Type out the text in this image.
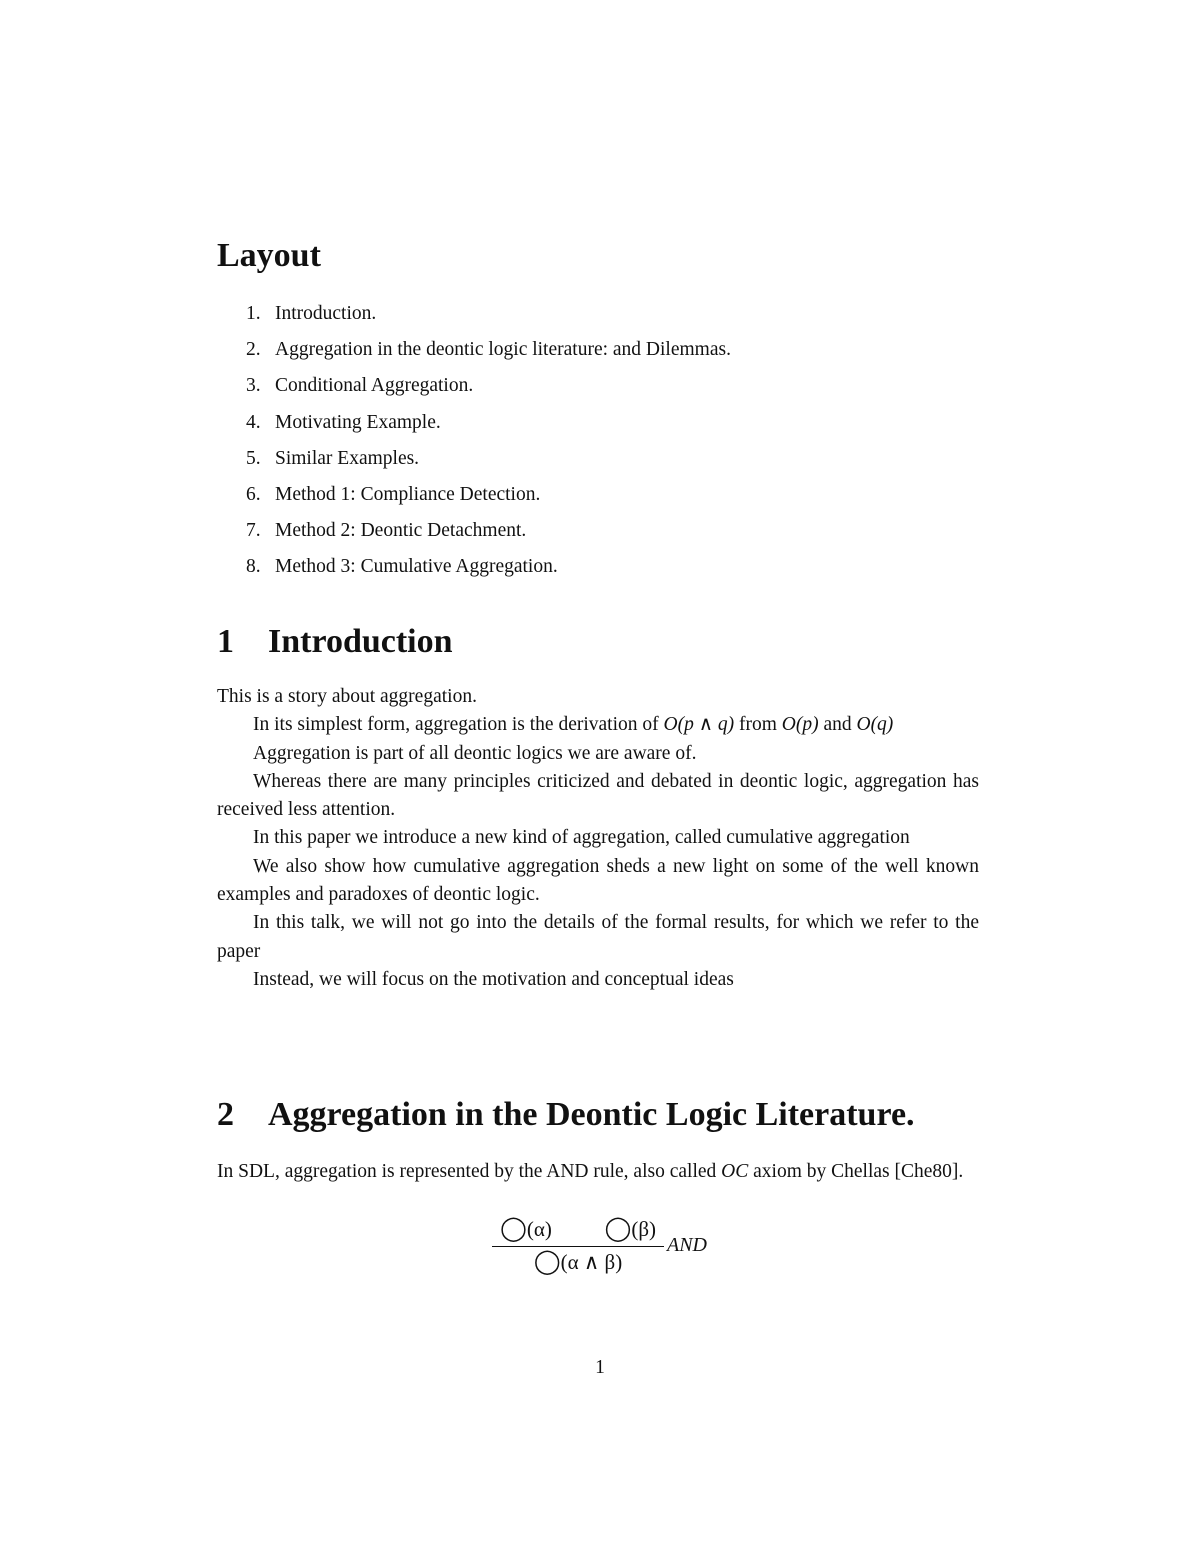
Layout
1. Introduction.
2. Aggregation in the deontic logic literature: and Dilemmas.
3. Conditional Aggregation.
4. Motivating Example.
5. Similar Examples.
6. Method 1: Compliance Detection.
7. Method 2: Deontic Detachment.
8. Method 3: Cumulative Aggregation.
1	Introduction

This is a story about aggregation.

In its simplest form, aggregation is the derivation of O(p ∧ q) from O(p) and O(q)

Aggregation is part of all deontic logics we are aware of.

Whereas there are many principles criticized and debated in deontic logic, aggregation has received less attention.

In this paper we introduce a new kind of aggregation, called cumulative aggregation

We also show how cumulative aggregation sheds a new light on some of the well known examples and paradoxes of deontic logic.

In this talk, we will not go into the details of the formal results, for which we refer to the paper

Instead, we will focus on the motivation and conceptual ideas

2	Aggregation in the Deontic Logic Literature.

In SDL, aggregation is represented by the AND rule, also called OC axiom by Chellas [Che80].

◯(α) ◯(β)
◯(α ∧ β)
AND
1
